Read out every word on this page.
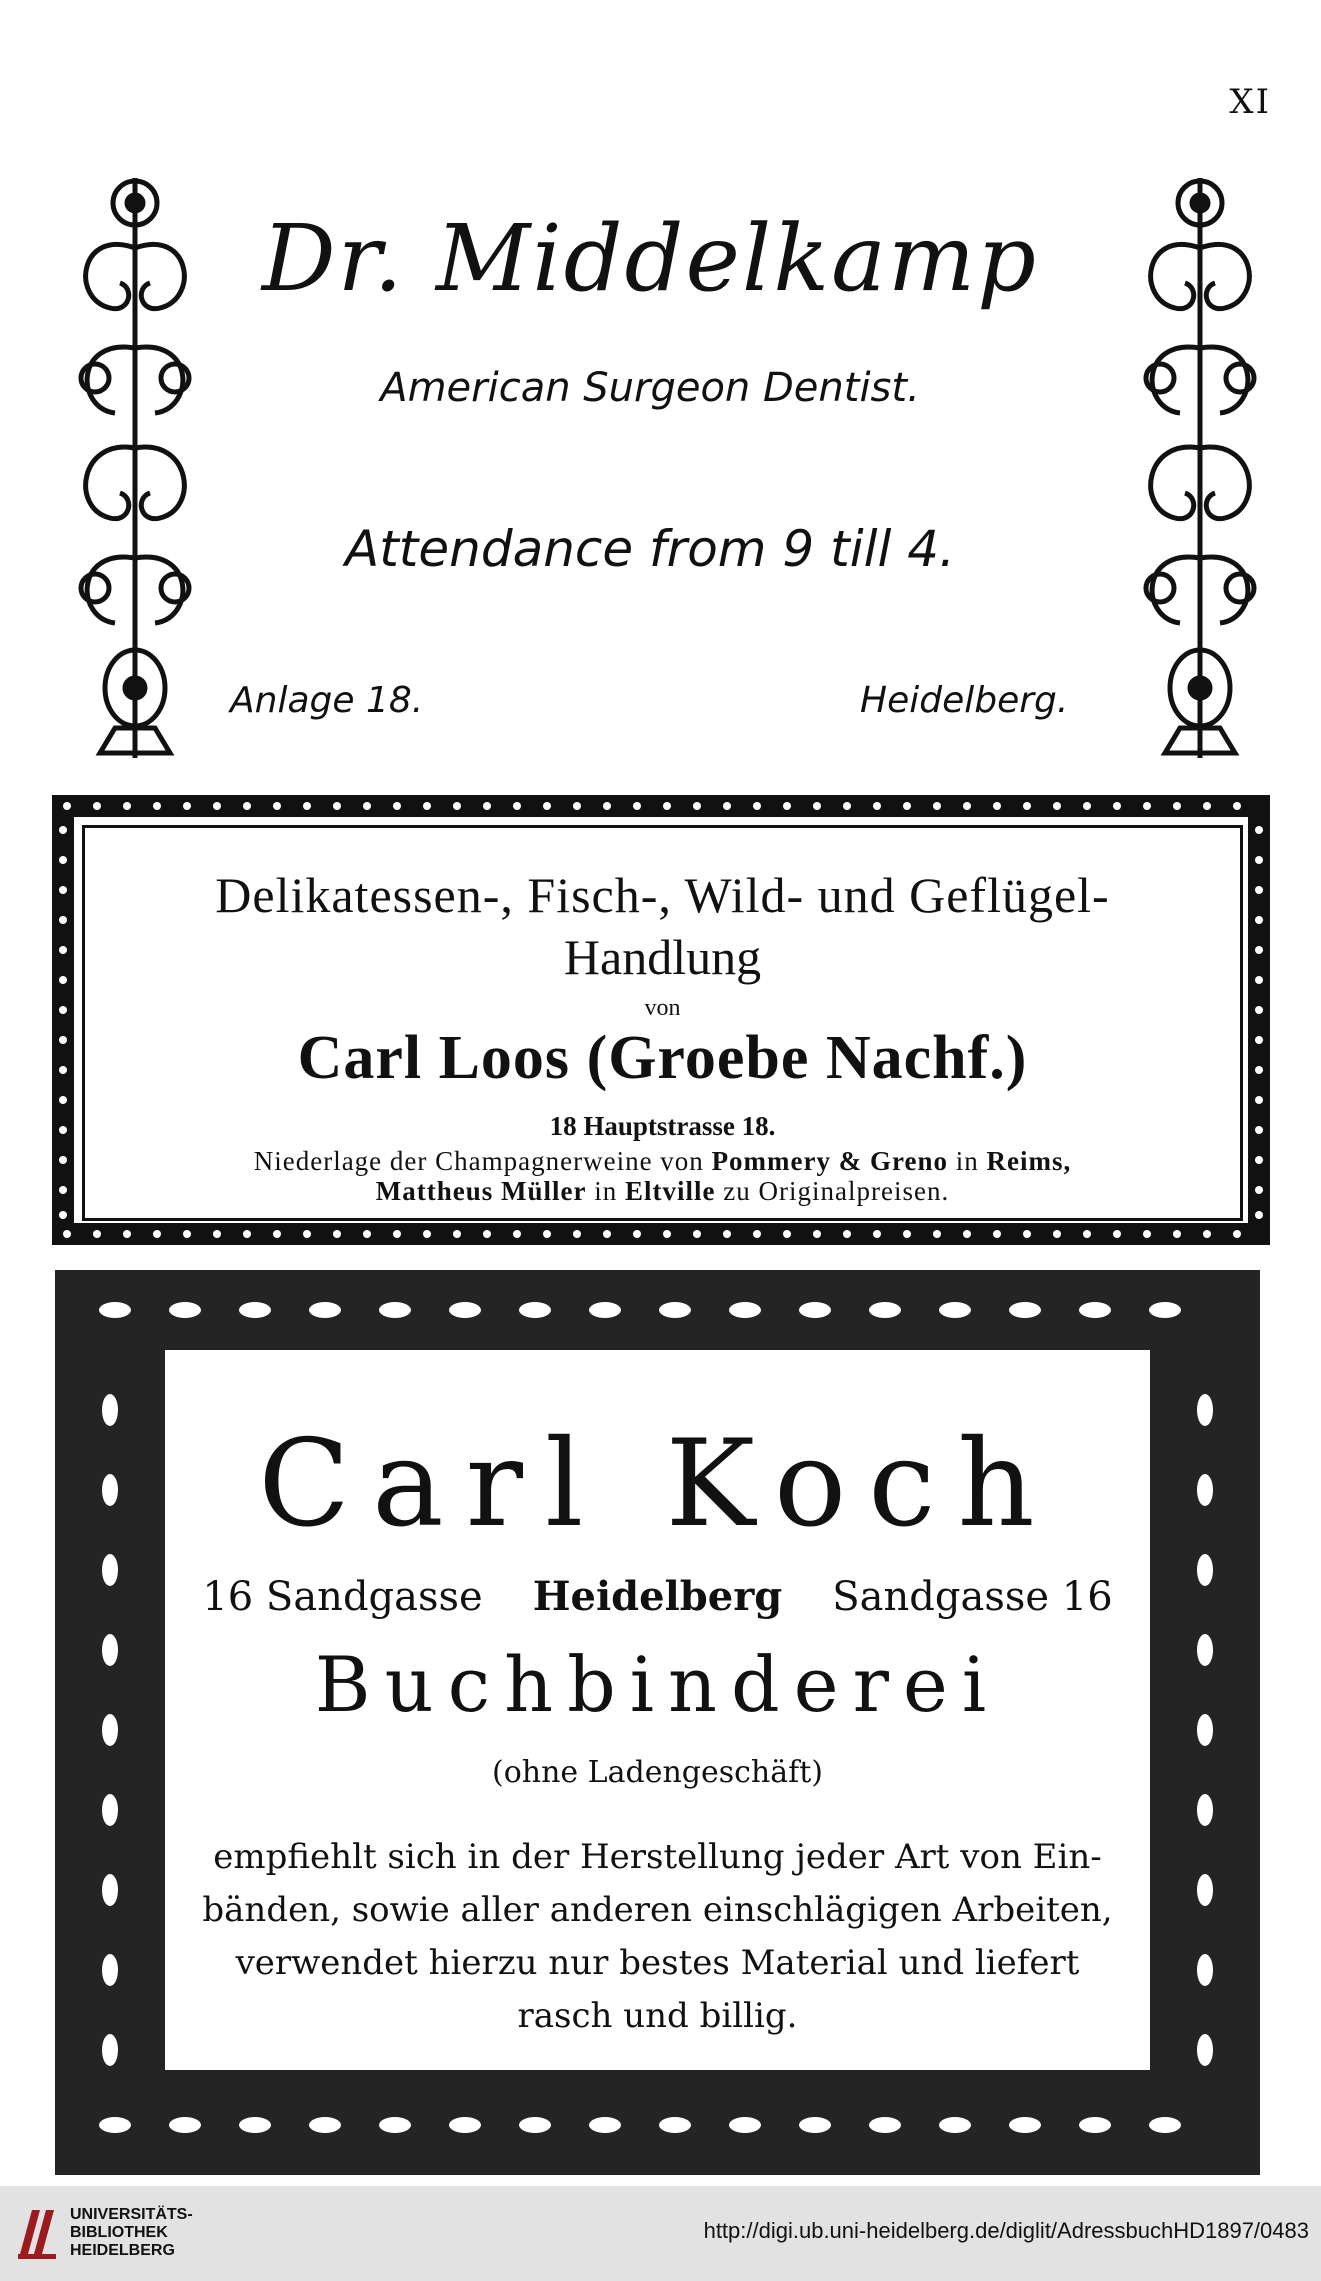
XI
Dr. Middelkamp
American Surgeon Dentist.
Attendance from 9 till 4.
Anlage 18.	Heidelberg.
Delikatessen-, Fisch-, Wild- und Geflügel-
Handlung
von
Carl Loos (Groebe Nachf.)
18 Hauptstrasse 18.
Niederlage der Champagnerweine von Pommery & Greno in Reims,
Mattheus Müller in Eltville zu Originalpreisen.
Carl Koch
16 Sandgasse Heidelberg Sandgasse 16
Buchbinderei
(ohne Ladengeschäft)
empfiehlt sich in der Herstellung jeder Art von Ein-
bänden, sowie aller anderen einschlägigen Arbeiten,
verwendet hierzu nur bestes Material und liefert
rasch und billig.
UNIVERSITÄTS-
BIBLIOTHEK
HEIDELBERG
http://digi.ub.uni-heidelberg.de/diglit/AdressbuchHD1897/0483
